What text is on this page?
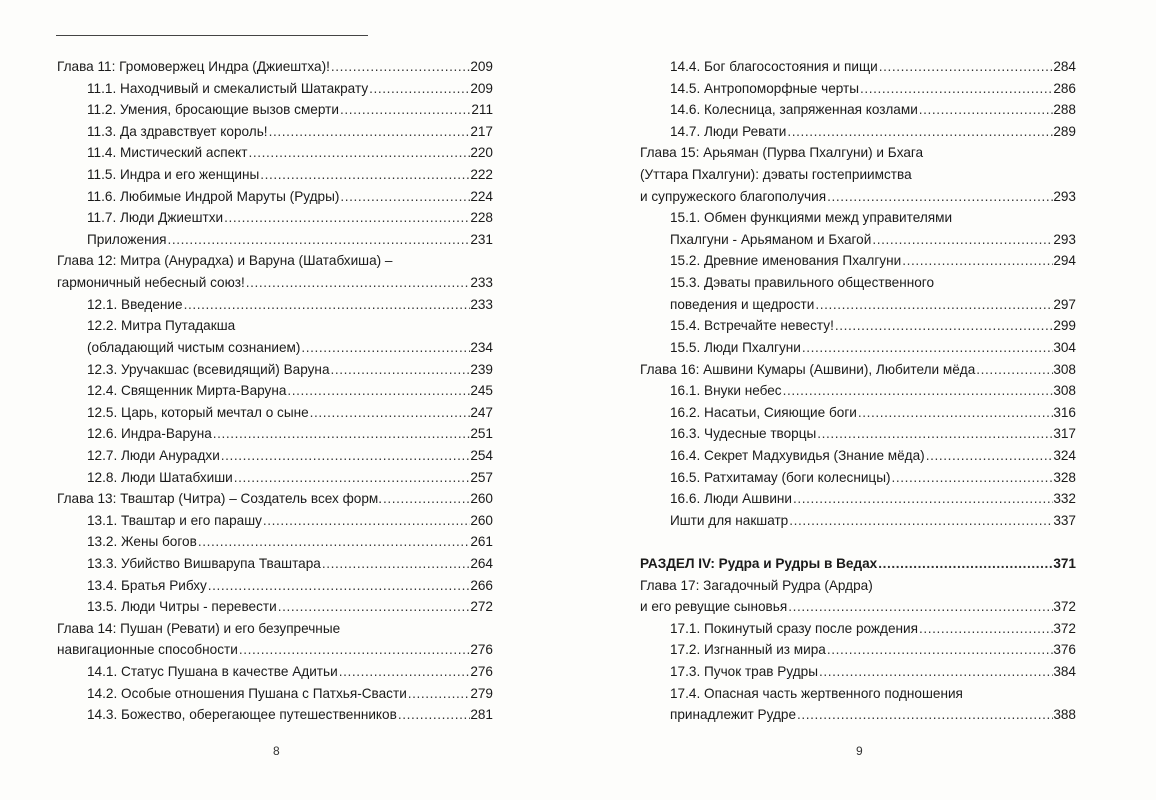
Глава 11: Громовержец Индра (Джиештха)! .....	209
11.1. Находчивый и смекалистый Шатакрату .....	209
11.2. Умения, бросающие вызов смерти .....	211
11.3. Да здравствует король! .....	217
11.4. Мистический аспект .....	220
11.5. Индра и его женщины .....	222
11.6. Любимые Индрой Маруты (Рудры) .....	224
11.7. Люди Джиештхи .....	228
Приложения .....	231
Глава 12: Митра (Анурадха) и Варуна (Шатабхиша) –
гармоничный небесный союз! .....	233
12.1. Введение .....	233
12.2. Митра Путадакша
(обладающий чистым сознанием) .....	234
12.3. Уручакшас (всевидящий) Варуна .....	239
12.4. Священник Мирта-Варуна .....	245
12.5. Царь, который мечтал о сыне .....	247
12.6. Индра-Варуна .....	251
12.7. Люди Анурадхи .....	254
12.8. Люди Шатабхиши .....	257
Глава 13: Тваштар (Читра) – Создатель всех форм. .....	260
13.1. Тваштар и его парашу .....	260
13.2. Жены богов .....	261
13.3. Убийство Вишварупа Тваштара .....	264
13.4. Братья Рибху .....	266
13.5. Люди Читры - перевести .....	272
Глава 14: Пушан (Ревати) и его безупречные
навигационные способности .....	276
14.1. Статус Пушана в качестве Адитьи .....	276
14.2. Особые отношения Пушана с Патхья-Свасти .....	279
14.3. Божество, оберегающее путешественников .....	281
14.4. Бог благосостояния и пищи .....	284
14.5. Антропоморфные черты .....	286
14.6. Колесница, запряженная козлами .....	288
14.7. Люди Ревати .....	289
Глава 15: Арьяман (Пурва Пхалгуни) и Бхага
(Уттара Пхалгуни): дэваты гостеприимства
и супружеского благополучия .....	293
15.1. Обмен функциями межд управителями
Пхалгуни - Арьяманом и Бхагой .....	293
15.2. Древние именования Пхалгуни .....	294
15.3. Дэваты правильного общественного
поведения и щедрости .....	297
15.4. Встречайте невесту! .....	299
15.5. Люди Пхалгуни .....	304
Глава 16: Ашвини Кумары (Ашвини), Любители мёда .....	308
16.1. Внуки небес .....	308
16.2. Насатьи, Сияющие боги .....	316
16.3. Чудесные творцы .....	317
16.4. Секрет Мадхувидья (Знание мёда) .....	324
16.5. Ратхитамау (боги колесницы) .....	328
16.6. Люди Ашвини .....	332
Ишти для накшатр .....	337
РАЗДЕЛ IV: Рудра и Рудры в Ведах .....	371
Глава 17: Загадочный Рудра (Ардра)
и его ревущие сыновья .....	372
17.1. Покинутый сразу после рождения .....	372
17.2. Изгнанный из мира .....	376
17.3. Пучок трав Рудры .....	384
17.4. Опасная часть жертвенного подношения
принадлежит Рудре .....	388
8	9
